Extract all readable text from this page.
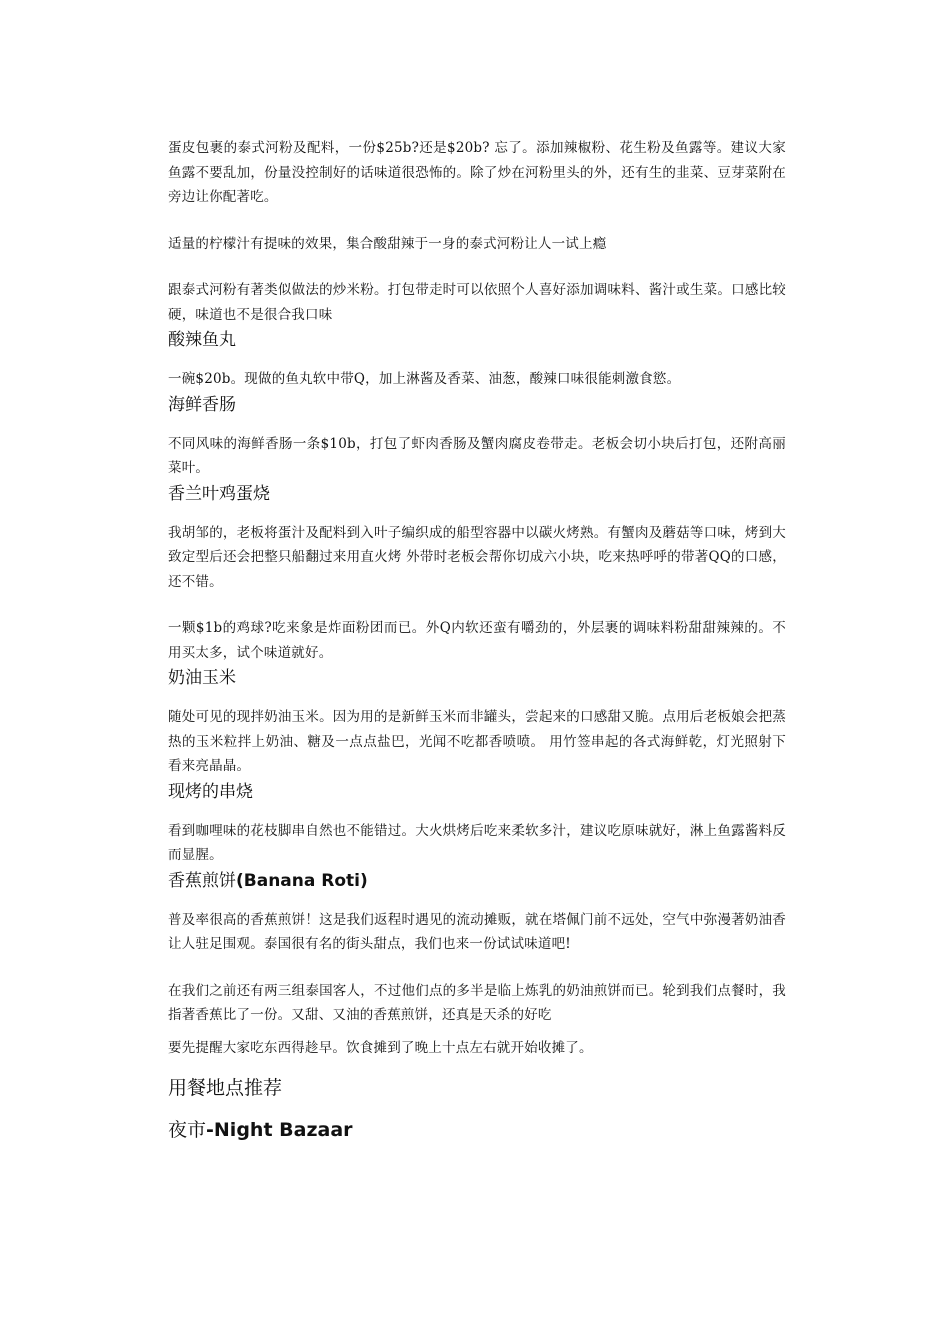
蛋皮包裹的泰式河粉及配料，一份$25b?还是$20b? 忘了。添加辣椒粉、花生粉及鱼露等。建议大家鱼露不要乱加，份量没控制好的话味道很恐怖的。除了炒在河粉里头的外，还有生的韭菜、豆芽菜附在旁边让你配著吃。

适量的柠檬汁有提味的效果，集合酸甜辣于一身的泰式河粉让人一试上瘾

跟泰式河粉有著类似做法的炒米粉。打包带走时可以依照个人喜好添加调味料、酱汁或生菜。口感比较硬，味道也不是很合我口味

酸辣鱼丸

一碗$20b。现做的鱼丸软中带Q，加上淋酱及香菜、油葱，酸辣口味很能刺激食慾。

海鲜香肠

不同风味的海鲜香肠一条$10b，打包了虾肉香肠及蟹肉腐皮卷带走。老板会切小块后打包，还附高丽菜叶。

香兰叶鸡蛋烧

我胡邹的，老板将蛋汁及配料到入叶子编织成的船型容器中以碳火烤熟。有蟹肉及蘑菇等口味，烤到大致定型后还会把整只船翻过来用直火烤 外带时老板会帮你切成六小块，吃来热呼呼的带著QQ的口感，还不错。

一颗$1b的鸡球?吃来象是炸面粉团而已。外Q内软还蛮有嚼劲的，外层裹的调味料粉甜甜辣辣的。不用买太多，试个味道就好。

奶油玉米

随处可见的现拌奶油玉米。因为用的是新鲜玉米而非罐头，尝起来的口感甜又脆。点用后老板娘会把蒸热的玉米粒拌上奶油、糖及一点点盐巴，光闻不吃都香喷喷。 用竹签串起的各式海鲜乾，灯光照射下看来亮晶晶。

现烤的串烧

看到咖哩味的花枝脚串自然也不能错过。大火烘烤后吃来柔软多汁，建议吃原味就好，淋上鱼露酱料反而显腥。

香蕉煎饼(Banana Roti)

普及率很高的香蕉煎饼！这是我们返程时遇见的流动摊贩，就在塔佩门前不远处，空气中弥漫著奶油香让人驻足围观。泰国很有名的街头甜点，我们也来一份试试味道吧!

在我们之前还有两三组泰国客人，不过他们点的多半是临上炼乳的奶油煎饼而已。轮到我们点餐时，我指著香蕉比了一份。又甜、又油的香蕉煎饼，还真是天杀的好吃

要先提醒大家吃东西得趁早。饮食摊到了晚上十点左右就开始收摊了。

用餐地点推荐
夜市-Night Bazaar
